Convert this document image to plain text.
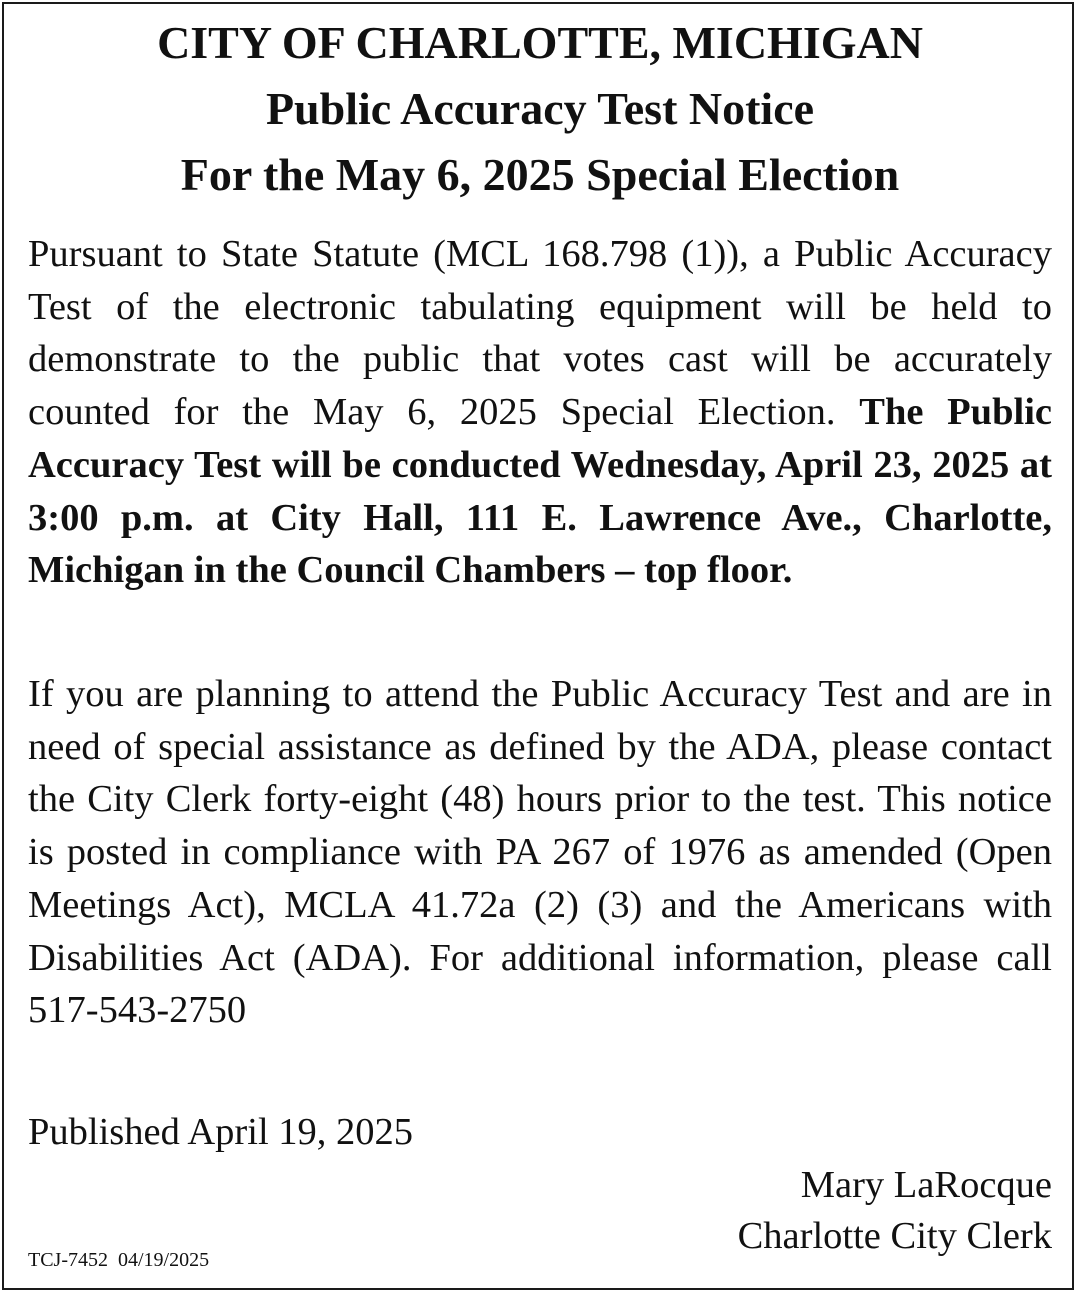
CITY OF CHARLOTTE, MICHIGAN
Public Accuracy Test Notice
For the May 6, 2025 Special Election
Pursuant to State Statute (MCL 168.798 (1)), a Public Accuracy Test of the electronic tabulating equipment will be held to demonstrate to the public that votes cast will be accurately counted for the May 6, 2025 Special Election. The Public Accuracy Test will be conducted Wednesday, April 23, 2025 at 3:00 p.m. at City Hall, 111 E. Lawrence Ave., Charlotte, Michigan in the Council Chambers – top floor.
If you are planning to attend the Public Accuracy Test and are in need of special assistance as defined by the ADA, please contact the City Clerk forty-eight (48) hours prior to the test. This notice is posted in compliance with PA 267 of 1976 as amended (Open Meetings Act), MCLA 41.72a (2) (3) and the Americans with Disabilities Act (ADA). For additional information, please call 517-543-2750
Published April 19, 2025
Mary LaRocque
Charlotte City Clerk
TCJ-7452  04/19/2025
